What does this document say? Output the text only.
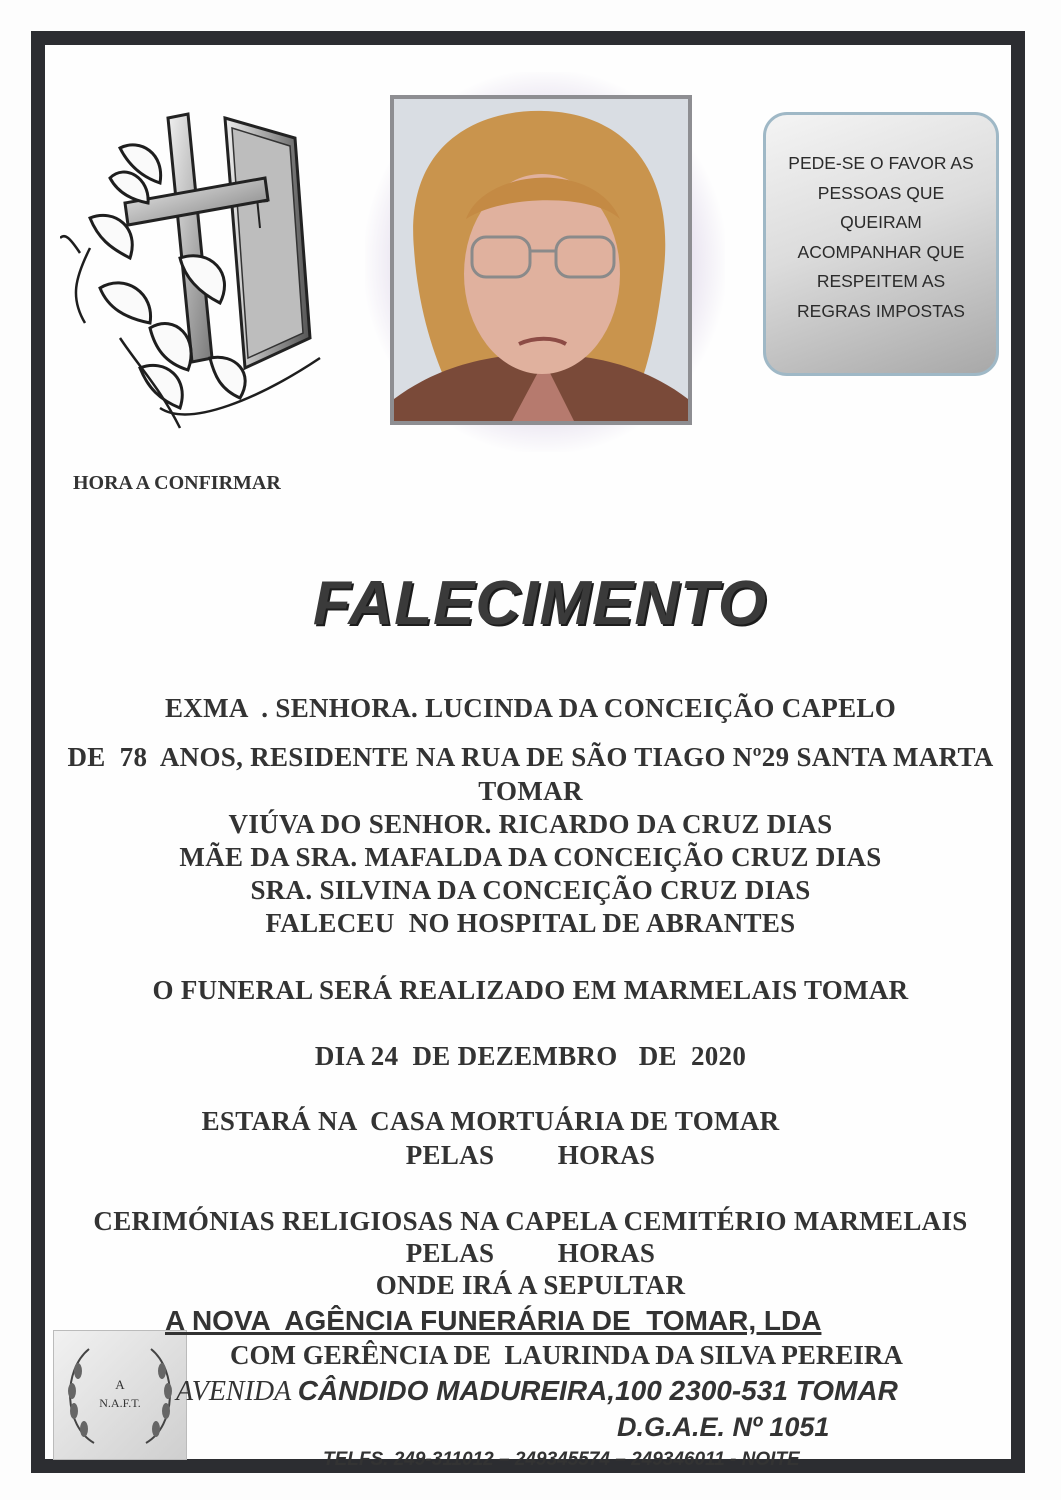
PEDE-SE O FAVOR AS
PESSOAS QUE
QUEIRAM
ACOMPANHAR QUE
RESPEITEM AS
REGRAS IMPOSTAS
HORA A CONFIRMAR
FALECIMENTO
EXMA  . SENHORA. LUCINDA DA CONCEIÇÃO CAPELO
DE  78  ANOS, RESIDENTE NA RUA DE SÃO TIAGO Nº29 SANTA MARTA
TOMAR
VIÚVA DO SENHOR. RICARDO DA CRUZ DIAS
MÃE DA SRA. MAFALDA DA CONCEIÇÃO CRUZ DIAS
SRA. SILVINA DA CONCEIÇÃO CRUZ DIAS
FALECEU  NO HOSPITAL DE ABRANTES
O FUNERAL SERÁ REALIZADO EM MARMELAIS TOMAR
DIA 24  DE DEZEMBRO   DE  2020
ESTARÁ NA  CASA MORTUÁRIA DE TOMAR
PELAS         HORAS
CERIMÓNIAS RELIGIOSAS NA CAPELA CEMITÉRIO MARMELAIS
PELAS         HORAS
ONDE IRÁ A SEPULTAR
A
N.A.F.T.
A NOVA  AGÊNCIA FUNERÁRIA DE  TOMAR, LDA
COM GERÊNCIA DE  LAURINDA DA SILVA PEREIRA
AVENIDA CÂNDIDO MADUREIRA,100 2300-531 TOMAR
D.G.A.E. Nº 1051
TELFS. 249-311012 – 249345574 – 249346011 - NOITE
